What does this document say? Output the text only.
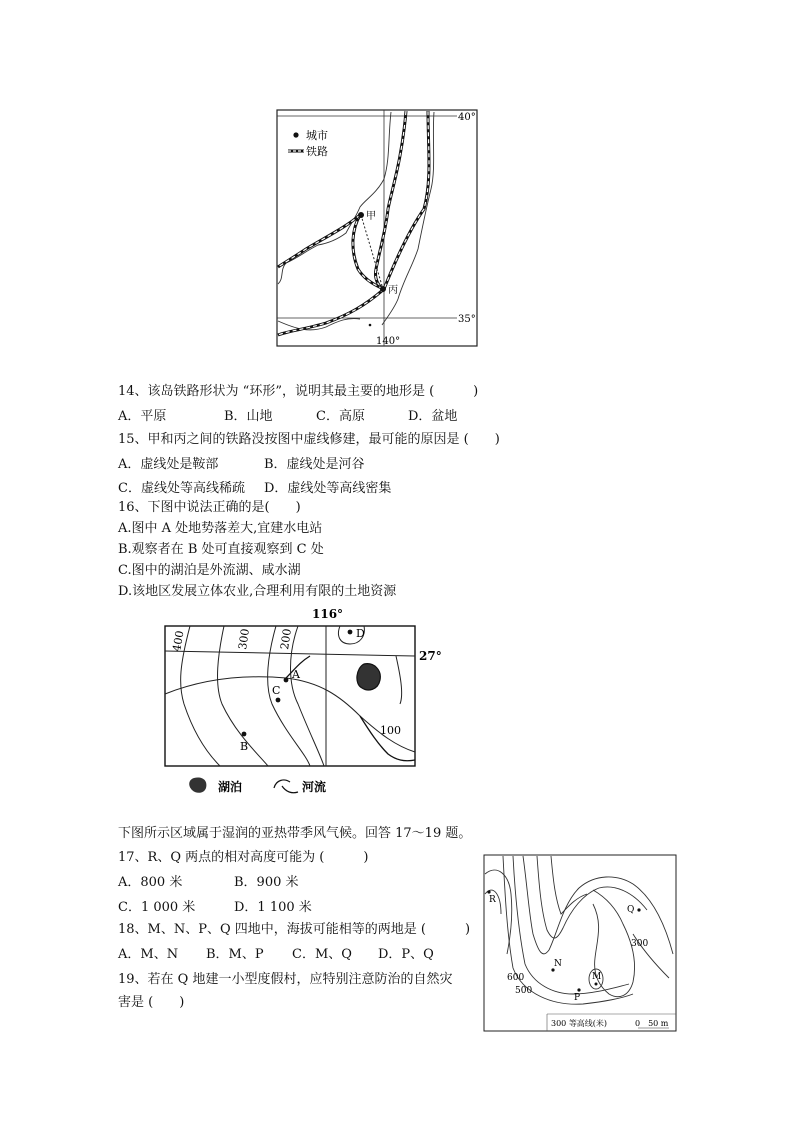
城市
铁路
甲
丙
40°
35°
140°
14、该岛铁路形状为 “环形”，说明其最主要的地形是 (　　　)
A．平原	B．山地	C．高原	D．盆地
15、甲和丙之间的铁路没按图中虚线修建，最可能的原因是 (　　)
A．虚线处是鞍部	B．虚线处是河谷
C．虚线处等高线稀疏 D．虚线处等高线密集
16、下图中说法正确的是(　　)
A.图中 A 处地势落差大,宜建水电站
B.观察者在 B 处可直接观察到 C 处
C.图中的湖泊是外流湖、咸水湖
D.该地区发展立体农业,合理利用有限的土地资源
116°
27°
400	300 200
100
A
B
C
D
湖泊	河流
下图所示区域属于湿润的亚热带季风气候。回答 17～19 题。
17、R、Q 两点的相对高度可能为 (　　　)
A．800 米	B．900 米
C．1 000 米	D．1 100 米
18、M、N、P、Q 四地中，海拔可能相等的两地是 (　　　)
A．M、N B．M、P C．M、Q D．P、Q
19、若在 Q 地建一小型度假村，应特别注意防治的自然灾
害是 (　　)
R
Q
N
M
P
300
600
500
300 等高线(米)	0　50 m
